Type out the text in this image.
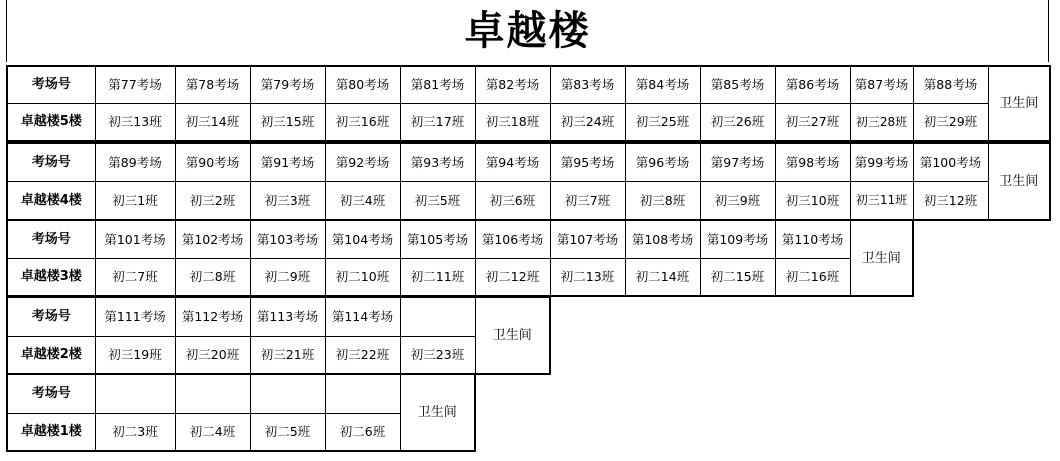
卓越楼
考场号	第77考场	第78考场	第79考场	第80考场	第81考场	第82考场	第83考场	第84考场	第85考场	第86考场	第87考场	第88考场	卫生间
卓越楼5楼	初三13班	初三14班	初三15班	初三16班	初三17班	初三18班	初三24班	初三25班	初三26班	初三27班	初三28班	初三29班	
考场号	第89考场	第90考场	第91考场	第92考场	第93考场	第94考场	第95考场	第96考场	第97考场	第98考场	第99考场	第100考场	卫生间
卓越楼4楼	初三1班	初三2班	初三3班	初三4班	初三5班	初三6班	初三7班	初三8班	初三9班	初三10班	初三11班	初三12班	
考场号	第101考场	第102考场	第103考场	第104考场	第105考场	第106考场	第107考场	第108考场	第109考场	第110考场	卫生间
卓越楼3楼	初二7班	初二8班	初二9班	初二10班	初二11班	初二12班	初二13班	初二14班	初二15班	初二16班	
考场号	第111考场	第112考场	第113考场	第114考场		卫生间
卓越楼2楼	初三19班	初三20班	初三21班	初三22班	初三23班	
考场号					卫生间
卓越楼1楼	初二3班	初二4班	初二5班	初二6班	
